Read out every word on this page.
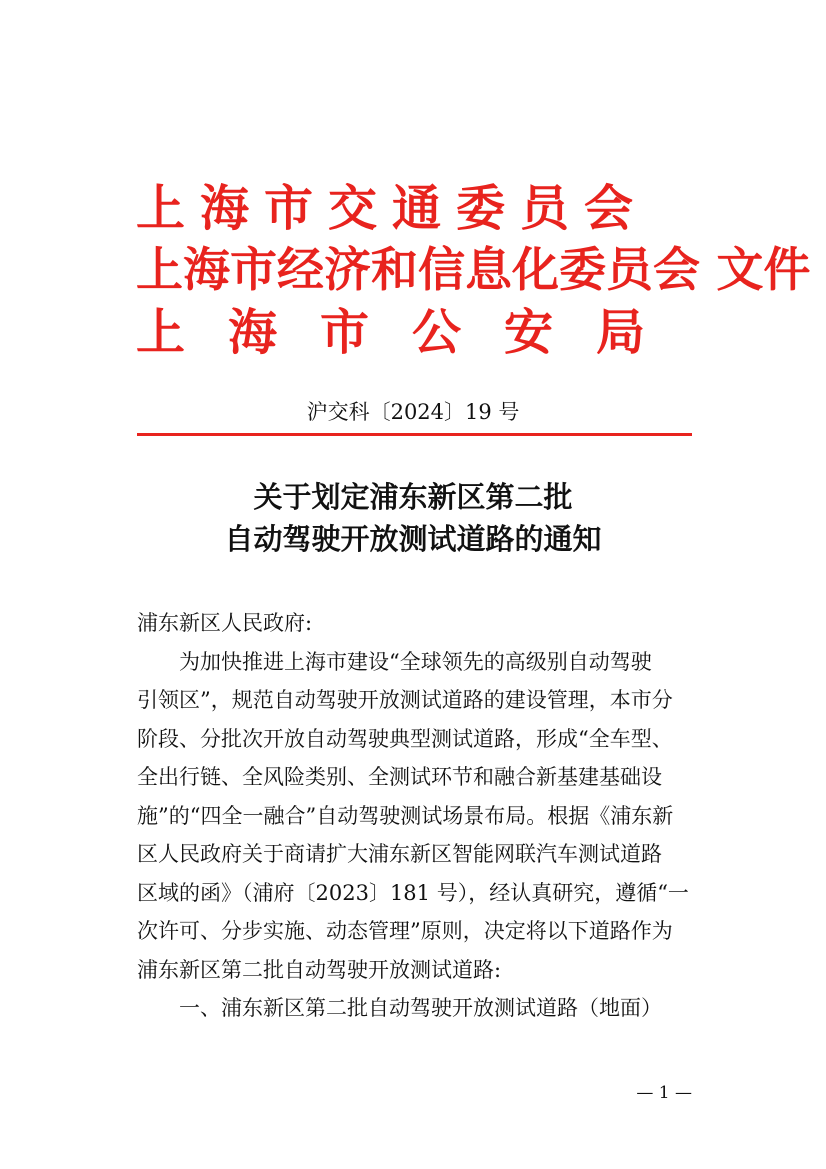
上海市交通委员会
上海市经济和信息化委员会 文件
上海市公安局
沪交科〔2024〕19 号
关于划定浦东新区第二批
自动驾驶开放测试道路的通知

浦东新区人民政府:

为加快推进上海市建设“全球领先的高级别自动驾驶
引领区”，规范自动驾驶开放测试道路的建设管理，本市分
阶段、分批次开放自动驾驶典型测试道路，形成“全车型、
全出行链、全风险类别、全测试环节和融合新基建基础设
施”的“四全一融合”自动驾驶测试场景布局。根据《浦东新
区人民政府关于商请扩大浦东新区智能网联汽车测试道路
区域的函》（浦府〔2023〕181 号），经认真研究，遵循“一
次许可、分步实施、动态管理”原则，决定将以下道路作为
浦东新区第二批自动驾驶开放测试道路:

一、浦东新区第二批自动驾驶开放测试道路（地面）

— 1 —
